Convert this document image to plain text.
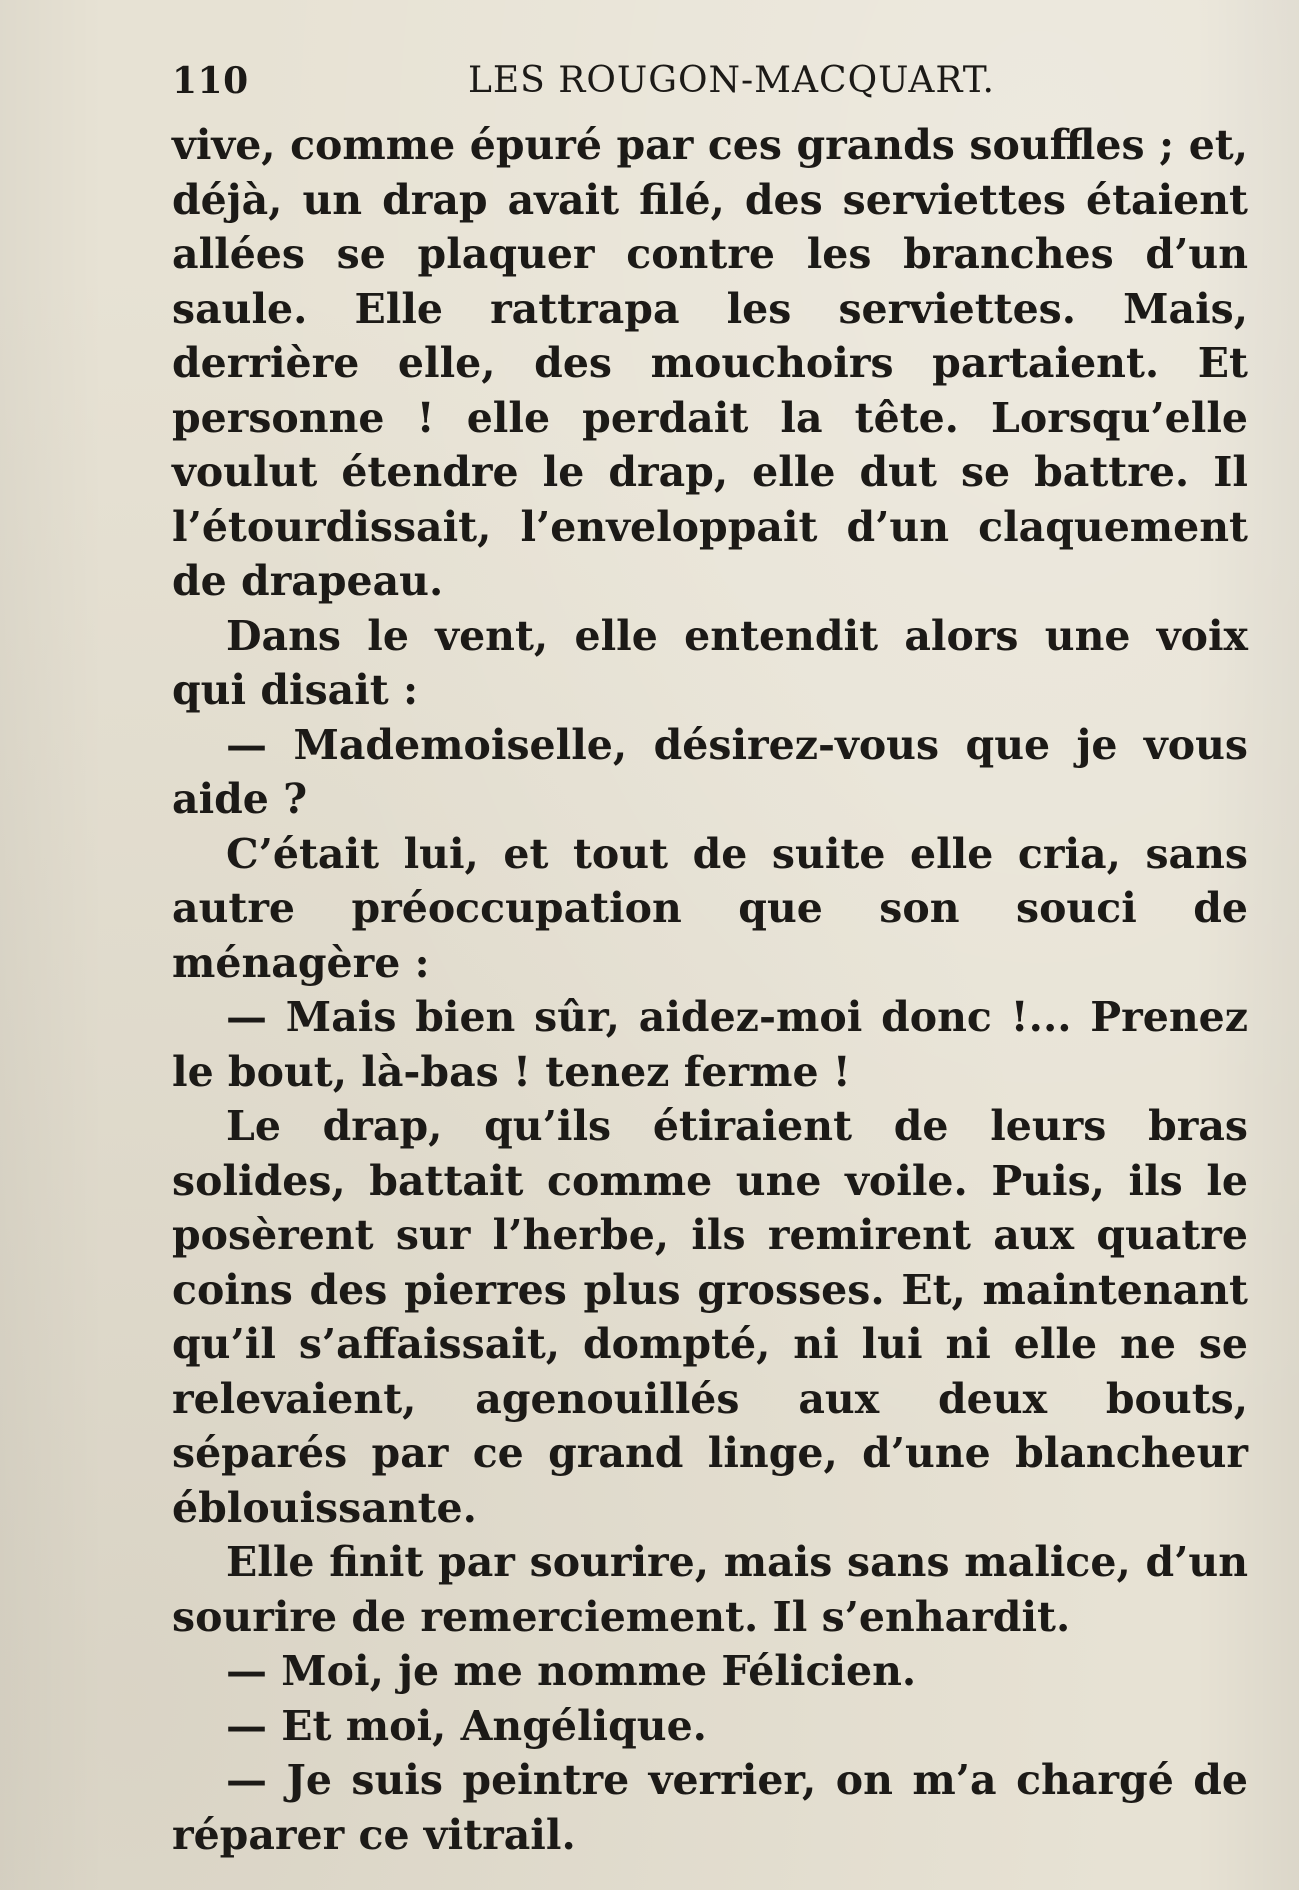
110	LES ROUGON-MACQUART.

vive, comme épuré par ces grands souffles ; et, déjà, un drap avait filé, des serviettes étaient allées se plaquer contre les branches d’un saule. Elle rattrapa les serviettes. Mais, derrière elle, des mouchoirs partaient. Et personne ! elle perdait la tête. Lorsqu’elle voulut étendre le drap, elle dut se battre. Il l’étourdissait, l’enveloppait d’un claquement de drapeau.

Dans le vent, elle entendit alors une voix qui disait :

— Mademoiselle, désirez-vous que je vous aide ?

C’était lui, et tout de suite elle cria, sans autre préoccupation que son souci de ménagère :

— Mais bien sûr, aidez-moi donc !... Prenez le bout, là-bas ! tenez ferme !

Le drap, qu’ils étiraient de leurs bras solides, battait comme une voile. Puis, ils le posèrent sur l’herbe, ils remirent aux quatre coins des pierres plus grosses. Et, maintenant qu’il s’affaissait, dompté, ni lui ni elle ne se relevaient, agenouillés aux deux bouts, séparés par ce grand linge, d’une blancheur éblouissante.

Elle finit par sourire, mais sans malice, d’un sourire de remerciement. Il s’enhardit.

— Moi, je me nomme Félicien.

— Et moi, Angélique.

— Je suis peintre verrier, on m’a chargé de réparer ce vitrail.
